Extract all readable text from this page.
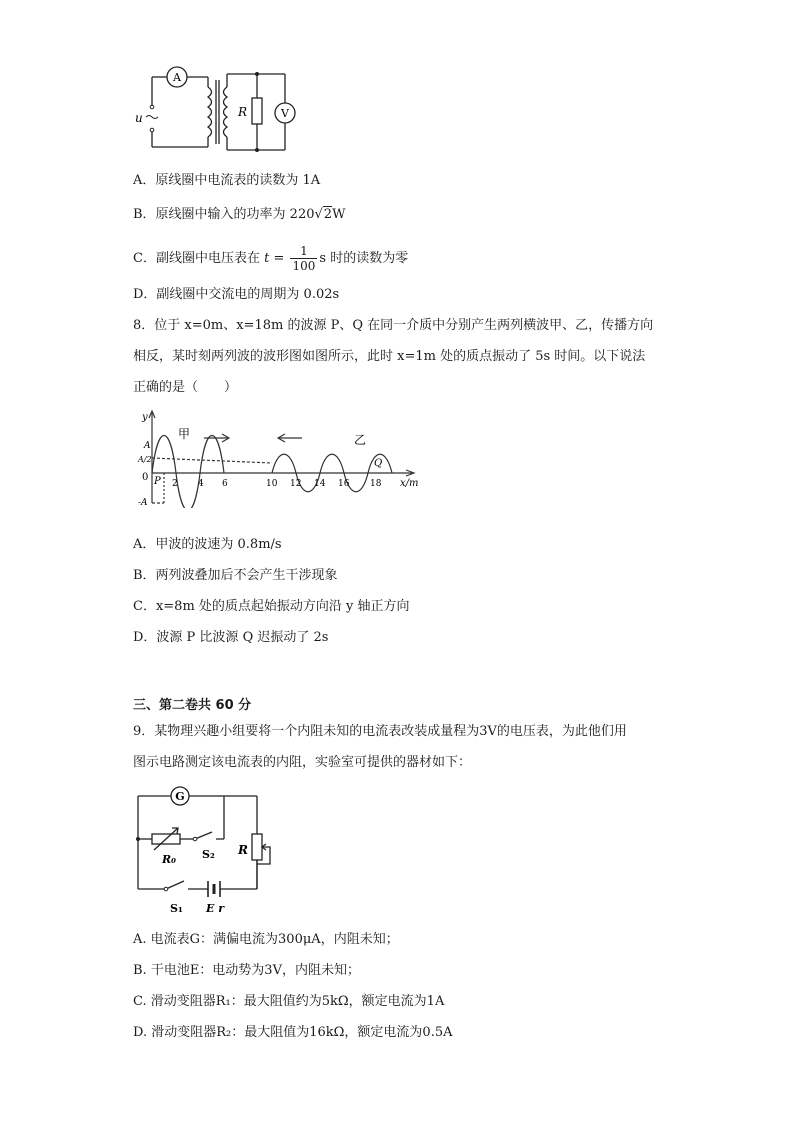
A
V
u	R
A．原线圈中电流表的读数为 1A
B．原线圈中输入的功率为 220√2W
C．副线圈中电压表在 $t = \frac{1}{100}$ s 时的读数为零
D．副线圈中交流电的周期为 0.02s
8．位于 x=0m、x=18m 的波源 P、Q 在同一介质中分别产生两列横波甲、乙，传播方向
相反，某时刻两列波的波形图如图所示，此时 x=1m 处的质点振动了 5s 时间。以下说法
正确的是（　　）
y
x/m
甲	乙
A
A/2
-A
0 P
Q
2 4 6	10 12 14 16 18
A．甲波的波速为 0.8m/s
B．两列波叠加后不会产生干涉现象
C．x=8m 处的质点起始振动方向沿 y 轴正方向
D．波源 P 比波源 Q 迟振动了 2s
三、第二卷共 60 分
9．某物理兴趣小组要将一个内阻未知的电流表改装成量程为3V的电压表，为此他们用
图示电路测定该电流表的内阻，实验室可提供的器材如下：
G
R₀ S₂ R
S₁ E r
A. 电流表G：满偏电流为300μA，内阻未知；
B. 干电池E：电动势为3V，内阻未知；
C. 滑动变阻器R₁：最大阻值约为5kΩ，额定电流为1A
D. 滑动变阻器R₂：最大阻值为16kΩ，额定电流为0.5A
